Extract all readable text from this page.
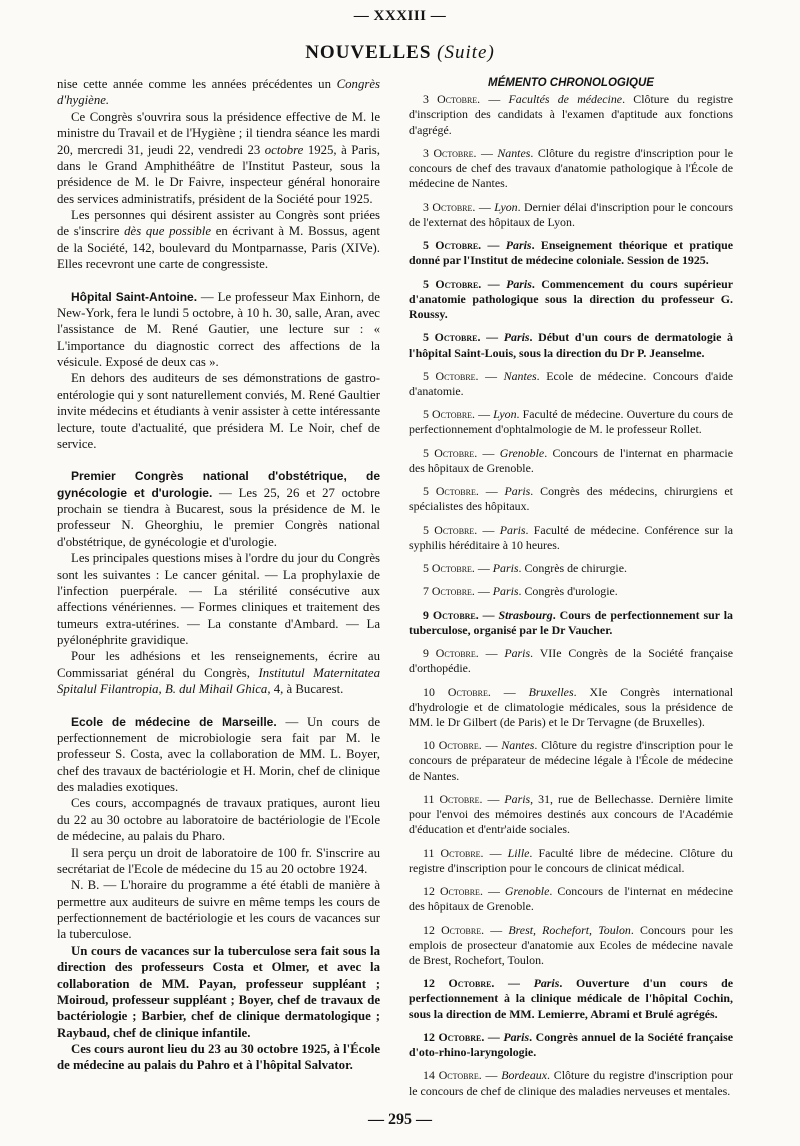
— XXXIII —
NOUVELLES (Suite)

nise cette année comme les années précédentes un Congrès d'hygiène.

Ce Congrès s'ouvrira sous la présidence effective de M. le ministre du Travail et de l'Hygiène ; il tiendra séance les mardi 20, mercredi 31, jeudi 22, vendredi 23 octobre 1925, à Paris, dans le Grand Amphithéâtre de l'Institut Pasteur, sous la présidence de M. le Dr Faivre, inspecteur général honoraire des services administratifs, président de la Société pour 1925.

Les personnes qui désirent assister au Congrès sont priées de s'inscrire dès que possible en écrivant à M. Bossus, agent de la Société, 142, boulevard du Montparnasse, Paris (XIVe). Elles recevront une carte de congressiste.

Hôpital Saint-Antoine. — Le professeur Max Einhorn, de New-York, fera le lundi 5 octobre, à 10 h. 30, salle, Aran, avec l'assistance de M. René Gautier, une lecture sur : « L'importance du diagnostic correct des affections de la vésicule. Exposé de deux cas ».

En dehors des auditeurs de ses démonstrations de gastro-entérologie qui y sont naturellement conviés, M. René Gaultier invite médecins et étudiants à venir assister à cette intéressante lecture, toute d'actualité, que présidera M. Le Noir, chef de service.

Premier Congrès national d'obstétrique, de gynécologie et d'urologie. — Les 25, 26 et 27 octobre prochain se tiendra à Bucarest, sous la présidence de M. le professeur N. Gheorghiu, le premier Congrès national d'obstétrique, de gynécologie et d'urologie.

Les principales questions mises à l'ordre du jour du Congrès sont les suivantes : Le cancer génital. — La prophylaxie de l'infection puerpérale. — La stérilité consécutive aux affections vénériennes. — Formes cliniques et traitement des tumeurs extra-utérines. — La constante d'Ambard. — La pyélonéphrite gravidique.

Pour les adhésions et les renseignements, écrire au Commissariat général du Congrès, Institutul Maternitatea Spitalul Filantropia, B. dul Mihail Ghica, 4, à Bucarest.

Ecole de médecine de Marseille. — Un cours de perfectionnement de microbiologie sera fait par M. le professeur S. Costa, avec la collaboration de MM. L. Boyer, chef des travaux de bactériologie et H. Morin, chef de clinique des maladies exotiques.

Ces cours, accompagnés de travaux pratiques, auront lieu du 22 au 30 octobre au laboratoire de bactériologie de l'Ecole de médecine, au palais du Pharo.

Il sera perçu un droit de laboratoire de 100 fr. S'inscrire au secrétariat de l'Ecole de médecine du 15 au 20 octobre 1924.

N. B. — L'horaire du programme a été établi de manière à permettre aux auditeurs de suivre en même temps les cours de perfectionnement de bactériologie et les cours de vacances sur la tuberculose.

Un cours de vacances sur la tuberculose sera fait sous la direction des professeurs Costa et Olmer, et avec la collaboration de MM. Payan, professeur suppléant ; Moiroud, professeur suppléant ; Boyer, chef de travaux de bactériologie ; Barbier, chef de clinique dermatologique ; Raybaud, chef de clinique infantile.

Ces cours auront lieu du 23 au 30 octobre 1925, à l'École de médecine au palais du Pahro et à l'hôpital Salvator.

MÉMENTO CHRONOLOGIQUE

3 Octobre. — Facultés de médecine. Clôture du registre d'inscription des candidats à l'examen d'aptitude aux fonctions d'agrégé.

3 Octobre. — Nantes. Clôture du registre d'inscription pour le concours de chef des travaux d'anatomie pathologique à l'École de médecine de Nantes.

3 Octobre. — Lyon. Dernier délai d'inscription pour le concours de l'externat des hôpitaux de Lyon.

5 Octobre. — Paris. Enseignement théorique et pratique donné par l'Institut de médecine coloniale. Session de 1925.

5 Octobre. — Paris. Commencement du cours supérieur d'anatomie pathologique sous la direction du professeur G. Roussy.

5 Octobre. — Paris. Début d'un cours de dermatologie à l'hôpital Saint-Louis, sous la direction du Dr P. Jeanselme.

5 Octobre. — Nantes. Ecole de médecine. Concours d'aide d'anatomie.

5 Octobre. — Lyon. Faculté de médecine. Ouverture du cours de perfectionnement d'ophtalmologie de M. le professeur Rollet.

5 Octobre. — Grenoble. Concours de l'internat en pharmacie des hôpitaux de Grenoble.

5 Octobre. — Paris. Congrès des médecins, chirurgiens et spécialistes des hôpitaux.

5 Octobre. — Paris. Faculté de médecine. Conférence sur la syphilis héréditaire à 10 heures.

5 Octobre. — Paris. Congrès de chirurgie.

7 Octobre. — Paris. Congrès d'urologie.

9 Octobre. — Strasbourg. Cours de perfectionnement sur la tuberculose, organisé par le Dr Vaucher.

9 Octobre. — Paris. VIIe Congrès de la Société française d'orthopédie.

10 Octobre. — Bruxelles. XIe Congrès international d'hydrologie et de climatologie médicales, sous la présidence de MM. le Dr Gilbert (de Paris) et le Dr Tervagne (de Bruxelles).

10 Octobre. — Nantes. Clôture du registre d'inscription pour le concours de préparateur de médecine légale à l'École de médecine de Nantes.

11 Octobre. — Paris, 31, rue de Bellechasse. Dernière limite pour l'envoi des mémoires destinés aux concours de l'Académie d'éducation et d'entr'aide sociales.

11 Octobre. — Lille. Faculté libre de médecine. Clôture du registre d'inscription pour le concours de clinicat médical.

12 Octobre. — Grenoble. Concours de l'internat en médecine des hôpitaux de Grenoble.

12 Octobre. — Brest, Rochefort, Toulon. Concours pour les emplois de prosecteur d'anatomie aux Ecoles de médecine navale de Brest, Rochefort, Toulon.

12 Octobre. — Paris. Ouverture d'un cours de perfectionnement à la clinique médicale de l'hôpital Cochin, sous la direction de MM. Lemierre, Abrami et Brulé agrégés.

12 Octobre. — Paris. Congrès annuel de la Société française d'oto-rhino-laryngologie.

14 Octobre. — Bordeaux. Clôture du registre d'inscription pour le concours de chef de clinique des maladies nerveuses et mentales.

— 295 —
